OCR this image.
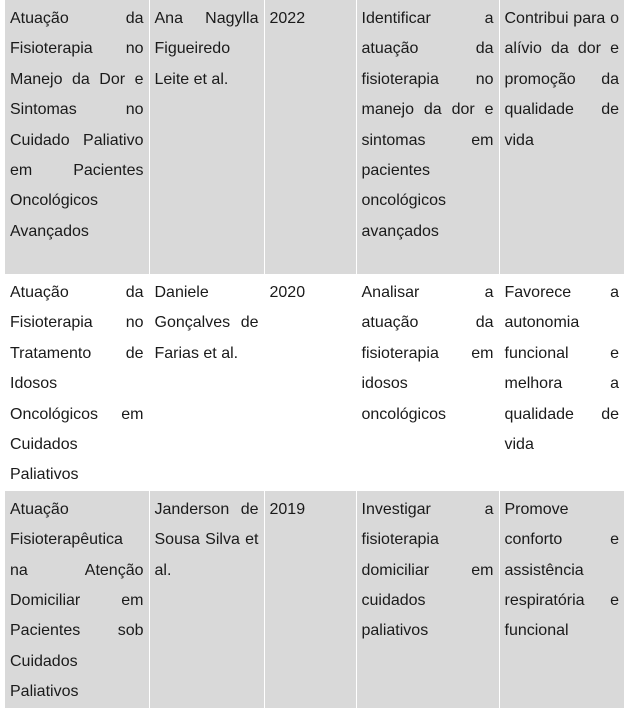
Atuação da Fisioterapia no Manejo da Dor e Sintomas no Cuidado Paliativo em Pacientes Oncológicos Avançados	Ana Nagylla Figueiredo Leite et al.	2022	Identificar a atuação da fisioterapia no manejo da dor e sintomas em pacientes oncológicos avançados	Contribui para o alívio da dor e promoção da qualidade de vida
Atuação da Fisioterapia no Tratamento de Idosos Oncológicos em Cuidados Paliativos	Daniele Gonçalves de Farias et al.	2020	Analisar a atuação da fisioterapia em idosos oncológicos	Favorece a autonomia funcional e melhora a qualidade de vida
Atuação Fisioterapêutica na Atenção Domiciliar em Pacientes sob Cuidados Paliativos	Janderson de Sousa Silva et al.	2019	Investigar a fisioterapia domiciliar em cuidados paliativos	Promove conforto e assistência respiratória e funcional
